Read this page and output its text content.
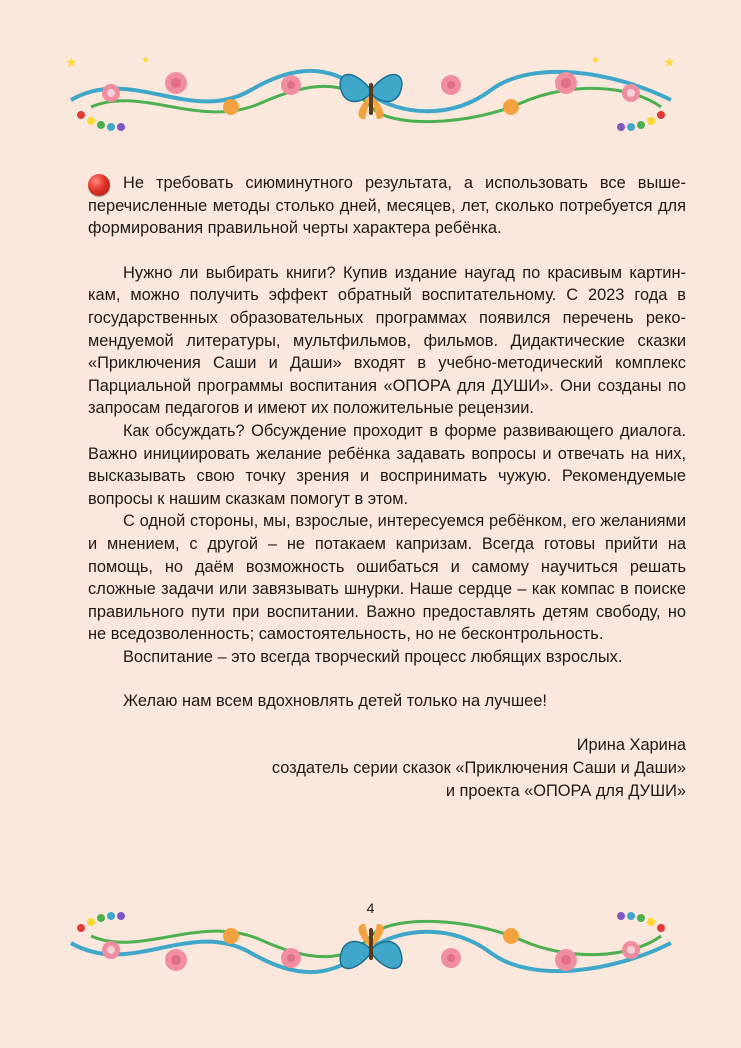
★	★
★	★

Не требовать сиюминутного результата, а использовать все вышеперечисленные методы столько дней, месяцев, лет, сколько потребуется для формирования правильной черты характера ребёнка.

Нужно ли выбирать книги? Купив издание наугад по красивым картинкам, можно получить эффект обратный воспитательному. С 2023 года в государственных образовательных программах появился перечень рекомендуемой литературы, мультфильмов, фильмов. Дидактические сказки «Приключения Саши и Даши» входят в учебно-методический комплекс Парциальной программы воспитания «ОПОРА для ДУШИ». Они созданы по запросам педагогов и имеют их положительные рецензии.

Как обсуждать? Обсуждение проходит в форме развивающего диалога. Важно инициировать желание ребёнка задавать вопросы и отвечать на них, высказывать свою точку зрения и воспринимать чужую. Рекомендуемые вопросы к нашим сказкам помогут в этом.

С одной стороны, мы, взрослые, интересуемся ребёнком, его желаниями и мнением, с другой – не потакаем капризам. Всегда готовы прийти на помощь, но даём возможность ошибаться и самому научиться решать сложные задачи или завязывать шнурки. Наше сердце – как компас в поиске правильного пути при воспитании. Важно предоставлять детям свободу, но не вседозволенность; самостоятельность, но не бесконтрольность.

Воспитание – это всегда творческий процесс любящих взрослых.

Желаю нам всем вдохновлять детей только на лучшее!

Ирина Харина
создатель серии сказок «Приключения Саши и Даши»
и проекта «ОПОРА для ДУШИ»
4
